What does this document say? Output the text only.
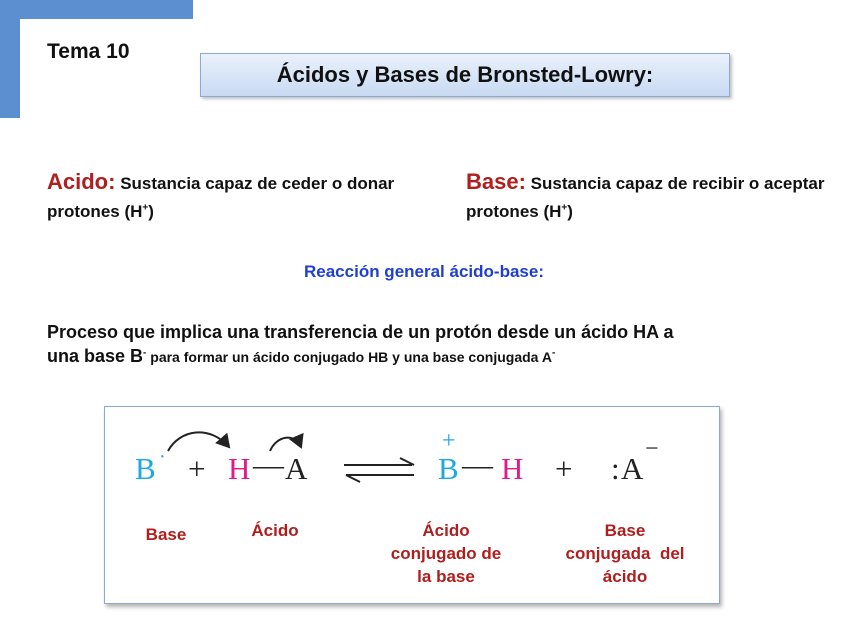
Tema 10
Ácidos y Bases de Bronsted-Lowry:
Acido: Sustancia capaz de ceder o donar protones (H+)
Base: Sustancia capaz de recibir o aceptar protones (H+)
Reacción general ácido-base:
Proceso que implica una transferencia de un protón desde un ácido HA a
una base B- para formar un ácido conjugado HB y una base conjugada A-
B · + H — A
+
B — H + : A
−
Base	Ácido	Ácido
conjugado de
la base
Base
conjugada  del
ácido
